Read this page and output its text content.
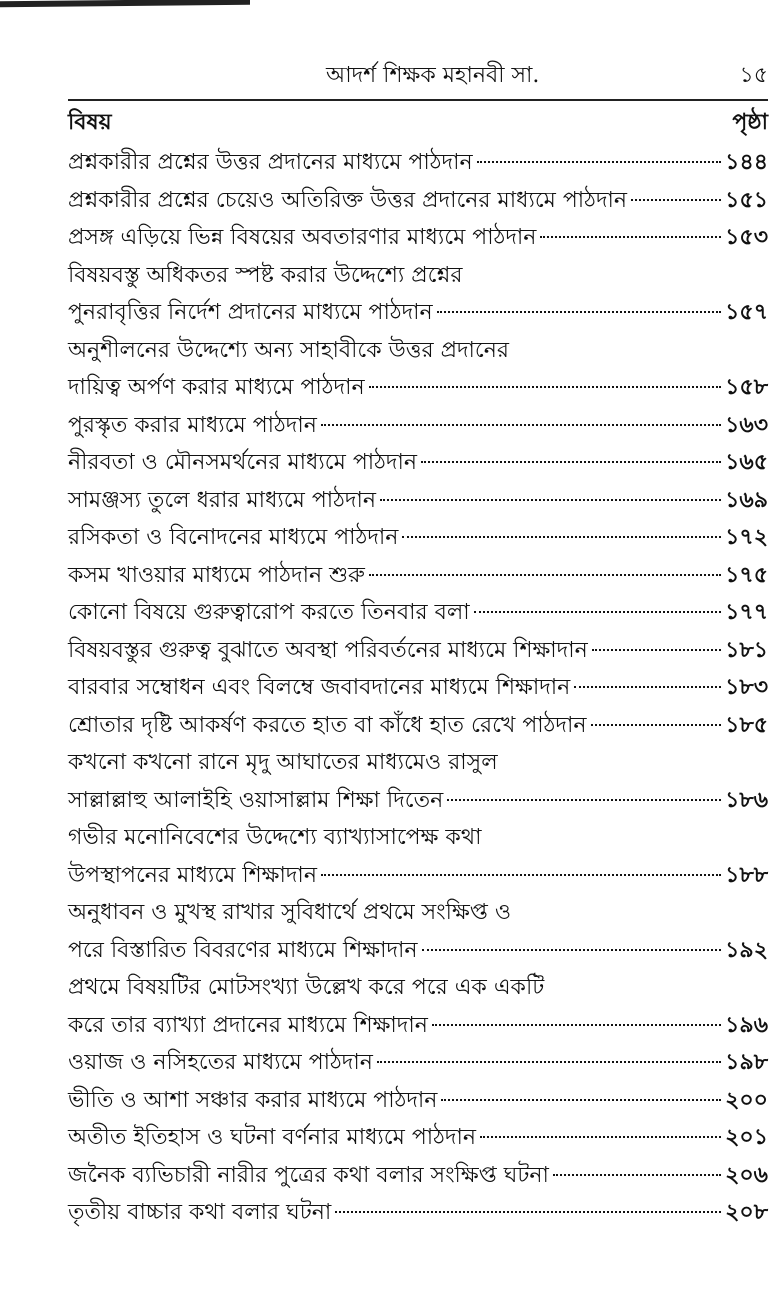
আদর্শ শিক্ষক মহানবী সা.	১৫
বিষয়	পৃষ্ঠা
প্রশ্নকারীর প্রশ্নের উত্তর প্রদানের মাধ্যমে পাঠদান	১৪৪
প্রশ্নকারীর প্রশ্নের চেয়েও অতিরিক্ত উত্তর প্রদানের মাধ্যমে পাঠদান	১৫১
প্রসঙ্গ এড়িয়ে ভিন্ন বিষয়ের অবতারণার মাধ্যমে পাঠদান	১৫৩
বিষয়বস্তু অধিকতর স্পষ্ট করার উদ্দেশ্যে প্রশ্নের
পুনরাবৃত্তির নির্দেশ প্রদানের মাধ্যমে পাঠদান	১৫৭
অনুশীলনের উদ্দেশ্যে অন্য সাহাবীকে উত্তর প্রদানের
দায়িত্ব অর্পণ করার মাধ্যমে পাঠদান	১৫৮
পুরস্কৃত করার মাধ্যমে পাঠদান	১৬৩
নীরবতা ও মৌনসমর্থনের মাধ্যমে পাঠদান	১৬৫
সামঞ্জস্য তুলে ধরার মাধ্যমে পাঠদান	১৬৯
রসিকতা ও বিনোদনের মাধ্যমে পাঠদান	১৭২
কসম খাওয়ার মাধ্যমে পাঠদান শুরু	১৭৫
কোনো বিষয়ে গুরুত্বারোপ করতে তিনবার বলা	১৭৭
বিষয়বস্তুর গুরুত্ব বুঝাতে অবস্থা পরিবর্তনের মাধ্যমে শিক্ষাদান	১৮১
বারবার সম্বোধন এবং বিলম্বে জবাবদানের মাধ্যমে শিক্ষাদান	১৮৩
শ্রোতার দৃষ্টি আকর্ষণ করতে হাত বা কাঁধে হাত রেখে পাঠদান	১৮৫
কখনো কখনো রানে মৃদু আঘাতের মাধ্যমেও রাসুল
সাল্লাল্লাহু আলাইহি ওয়াসাল্লাম শিক্ষা দিতেন	১৮৬
গভীর মনোনিবেশের উদ্দেশ্যে ব্যাখ্যাসাপেক্ষ কথা
উপস্থাপনের মাধ্যমে শিক্ষাদান	১৮৮
অনুধাবন ও মুখস্থ রাখার সুবিধার্থে প্রথমে সংক্ষিপ্ত ও
পরে বিস্তারিত বিবরণের মাধ্যমে শিক্ষাদান	১৯২
প্রথমে বিষয়টির মোটসংখ্যা উল্লেখ করে পরে এক একটি
করে তার ব্যাখ্যা প্রদানের মাধ্যমে শিক্ষাদান	১৯৬
ওয়াজ ও নসিহতের মাধ্যমে পাঠদান	১৯৮
ভীতি ও আশা সঞ্চার করার মাধ্যমে পাঠদান	২০০
অতীত ইতিহাস ও ঘটনা বর্ণনার মাধ্যমে পাঠদান	২০১
জনৈক ব্যভিচারী নারীর পুত্রের কথা বলার সংক্ষিপ্ত ঘটনা	২০৬
তৃতীয় বাচ্চার কথা বলার ঘটনা	২০৮
